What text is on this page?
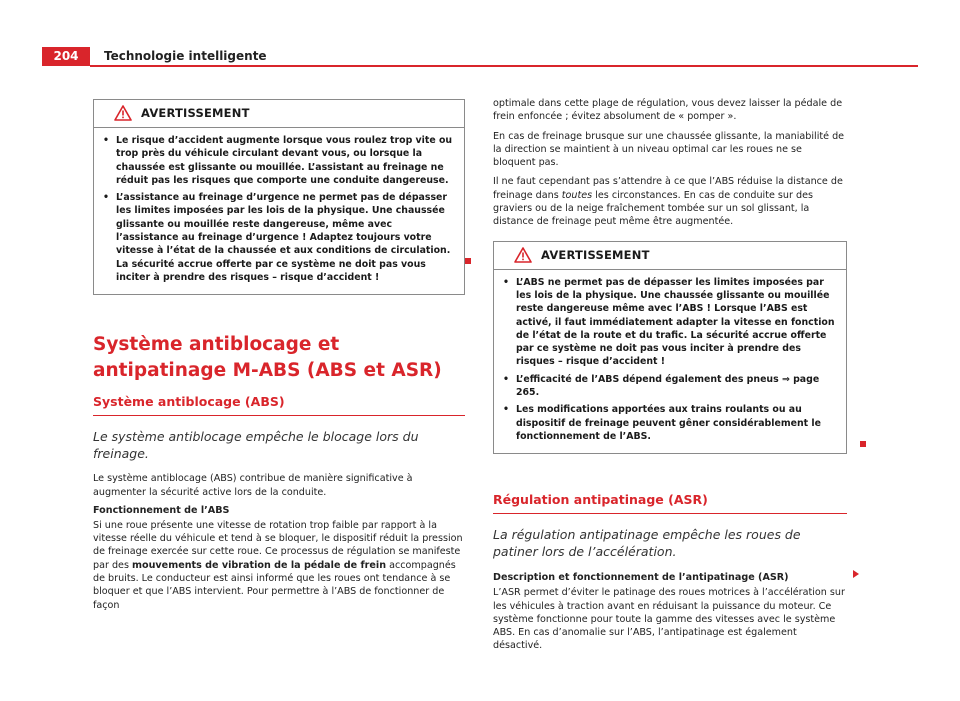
204	Technologie intelligente
AVERTISSEMENT
• Le risque d’accident augmente lorsque vous roulez trop vite ou trop près du véhicule circulant devant vous, ou lorsque la chaussée est glissante ou mouillée. L’assistant au freinage ne réduit pas les risques que comporte une conduite dangereuse.
• L’assistance au freinage d’urgence ne permet pas de dépasser les limites imposées par les lois de la physique. Une chaussée glissante ou mouillée reste dangereuse, même avec l’assistance au freinage d’urgence ! Adaptez toujours votre vitesse à l’état de la chaussée et aux conditions de circulation. La sécurité accrue offerte par ce système ne doit pas vous inciter à prendre des risques – risque d’accident !
Système antiblocage et antipatinage M-ABS (ABS et ASR)
Système antiblocage (ABS)

Le système antiblocage empêche le blocage lors du freinage.

Le système antiblocage (ABS) contribue de manière significative à augmenter la sécurité active lors de la conduite.

Fonctionnement de l’ABS

Si une roue présente une vitesse de rotation trop faible par rapport à la vitesse réelle du véhicule et tend à se bloquer, le dispositif réduit la pression de freinage exercée sur cette roue. Ce processus de régulation se manifeste par des mouvements de vibration de la pédale de frein accompagnés de bruits. Le conducteur est ainsi informé que les roues ont tendance à se bloquer et que l’ABS intervient. Pour permettre à l’ABS de fonctionner de façon

optimale dans cette plage de régulation, vous devez laisser la pédale de frein enfoncée ; évitez absolument de « pomper ».

En cas de freinage brusque sur une chaussée glissante, la maniabilité de la direction se maintient à un niveau optimal car les roues ne se bloquent pas.

Il ne faut cependant pas s’attendre à ce que l’ABS réduise la distance de freinage dans toutes les circonstances. En cas de conduite sur des graviers ou de la neige fraîchement tombée sur un sol glissant, la distance de freinage peut même être augmentée.

AVERTISSEMENT
• L’ABS ne permet pas de dépasser les limites imposées par les lois de la physique. Une chaussée glissante ou mouillée reste dangereuse même avec l’ABS ! Lorsque l’ABS est activé, il faut immédiatement adapter la vitesse en fonction de l’état de la route et du trafic. La sécurité accrue offerte par ce système ne doit pas vous inciter à prendre des risques – risque d’accident !
• L’efficacité de l’ABS dépend également des pneus ⇒ page 265.
• Les modifications apportées aux trains roulants ou au dispositif de freinage peuvent gêner considérablement le fonctionnement de l’ABS.
Régulation antipatinage (ASR)

La régulation antipatinage empêche les roues de patiner lors de l’accélération.

Description et fonctionnement de l’antipatinage (ASR)

L’ASR permet d’éviter le patinage des roues motrices à l’accélération sur les véhicules à traction avant en réduisant la puissance du moteur. Ce système fonctionne pour toute la gamme des vitesses avec le système ABS. En cas d’anomalie sur l’ABS, l’antipatinage est également désactivé.
